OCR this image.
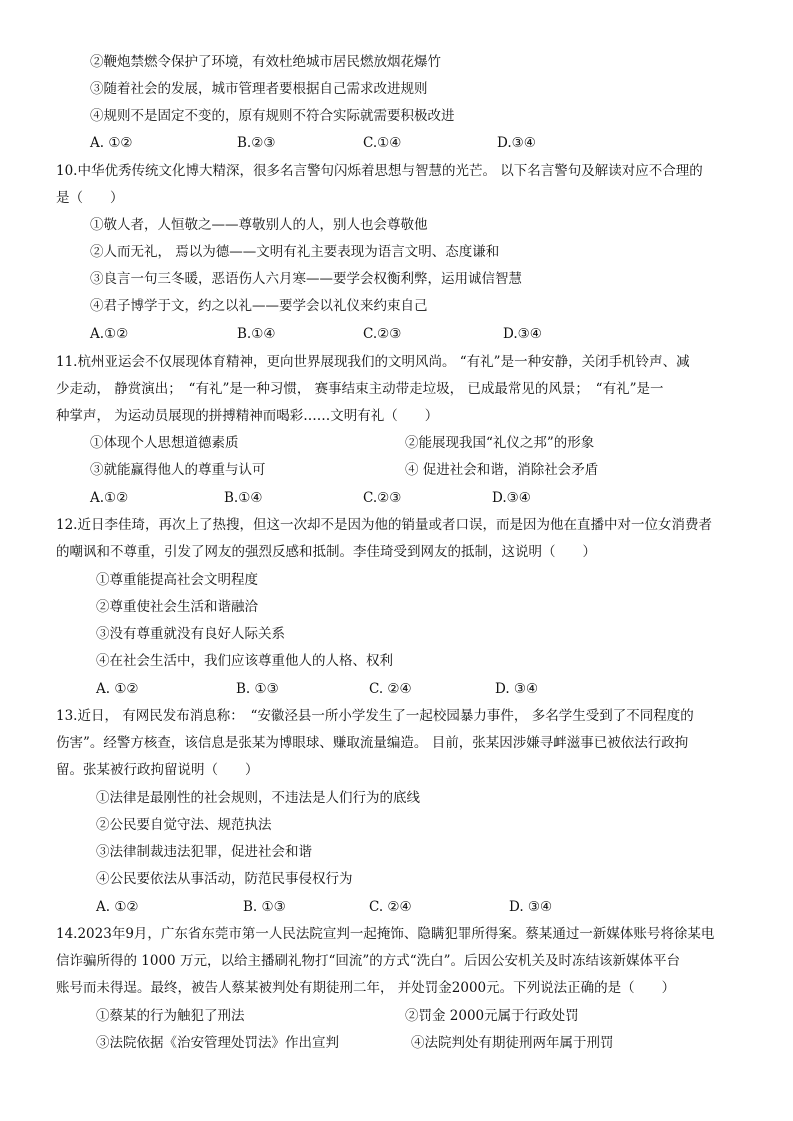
②鞭炮禁燃令保护了环境，有效杜绝城市居民燃放烟花爆竹
③随着社会的发展，城市管理者要根据自己需求改进规则
④规则不是固定不变的，原有规则不符合实际就需要积极改进
A. ①②	B.②③	C.①④	D.③④
10.中华优秀传统文化博大精深，很多名言警句闪烁着思想与智慧的光芒。 以下名言警句及解读对应不合理的
是（　　）
①敬人者，人恒敬之——尊敬别人的人，别人也会尊敬他
②人而无礼， 焉以为德——文明有礼主要表现为语言文明、态度谦和
③良言一句三冬暖，恶语伤人六月寒——要学会权衡利弊，运用诚信智慧
④君子博学于文，约之以礼——要学会以礼仪来约束自己
A.①②	B.①④	C.②③	D.③④
11.杭州亚运会不仅展现体育精神，更向世界展现我们的文明风尚。 “有礼”是一种安静，关闭手机铃声、减
少走动， 静赏演出；　“有礼”是一种习惯， 赛事结束主动带走垃圾， 已成最常见的风景；　“有礼”是一
种掌声， 为运动员展现的拼搏精神而喝彩……文明有礼（　　）
①体现个人思想道德素质	②能展现我国“礼仪之邦”的形象
③就能赢得他人的尊重与认可	④ 促进社会和谐，消除社会矛盾
A.①②	B.①④	C.②③	D.③④
12.近日李佳琦，再次上了热搜，但这一次却不是因为他的销量或者口误，而是因为他在直播中对一位女消费者
的嘲讽和不尊重，引发了网友的强烈反感和抵制。李佳琦受到网友的抵制，这说明（　　）
①尊重能提高社会文明程度
②尊重使社会生活和谐融洽
③没有尊重就没有良好人际关系
④在社会生活中，我们应该尊重他人的人格、权利
A. ①②	B. ①③	C. ②④	D. ③④
13.近日， 有网民发布消息称：　“安徽泾县一所小学发生了一起校园暴力事件， 多名学生受到了不同程度的
伤害”。经警方核查，该信息是张某为博眼球、赚取流量编造。 目前，张某因涉嫌寻衅滋事已被依法行政拘
留。张某被行政拘留说明（　　）
①法律是最刚性的社会规则，不违法是人们行为的底线
②公民要自觉守法、规范执法
③法律制裁违法犯罪，促进社会和谐
④公民要依法从事活动，防范民事侵权行为
A. ①②	B. ①③	C. ②④	D. ③④
14.2023年9月，广东省东莞市第一人民法院宣判一起掩饰、隐瞒犯罪所得案。蔡某通过一新媒体账号将徐某电
信诈骗所得的 1000 万元，以给主播刷礼物打“回流”的方式“洗白”。后因公安机关及时冻结该新媒体平台
账号而未得逞。最终，被告人蔡某被判处有期徒刑二年， 并处罚金2000元。下列说法正确的是（　　）
①蔡某的行为触犯了刑法	②罚金 2000元属于行政处罚
③法院依据《治安管理处罚法》作出宣判	④法院判处有期徒刑两年属于刑罚
